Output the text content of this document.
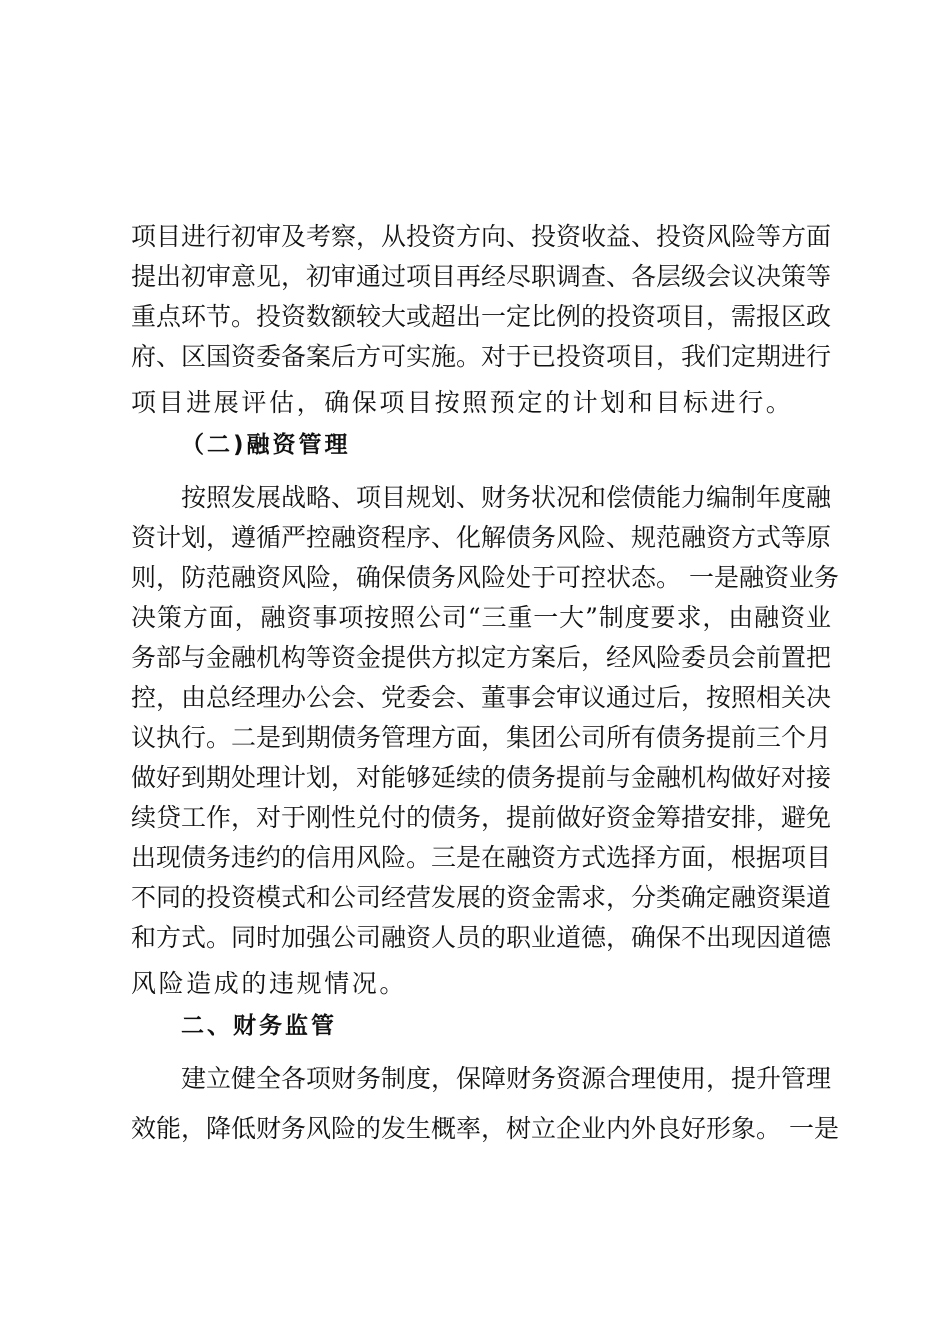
项目进行初审及考察，从投资方向、投资收益、投资风险等方面
提出初审意见，初审通过项目再经尽职调查、各层级会议决策等
重点环节。投资数额较大或超出一定比例的投资项目，需报区政
府、区国资委备案后方可实施。对于已投资项目，我们定期进行
项目进展评估，确保项目按照预定的计划和目标进行。
（二)融资管理
按照发展战略、项目规划、财务状况和偿债能力编制年度融
资计划，遵循严控融资程序、化解债务风险、规范融资方式等原
则，防范融资风险，确保债务风险处于可控状态。 一是融资业务
决策方面，融资事项按照公司“三重一大”制度要求，由融资业
务部与金融机构等资金提供方拟定方案后，经风险委员会前置把
控，由总经理办公会、党委会、董事会审议通过后，按照相关决
议执行。二是到期债务管理方面，集团公司所有债务提前三个月
做好到期处理计划，对能够延续的债务提前与金融机构做好对接
续贷工作，对于刚性兑付的债务，提前做好资金筹措安排，避免
出现债务违约的信用风险。三是在融资方式选择方面，根据项目
不同的投资模式和公司经营发展的资金需求，分类确定融资渠道
和方式。同时加强公司融资人员的职业道德，确保不出现因道德
风险造成的违规情况。
二、财务监管
建立健全各项财务制度，保障财务资源合理使用，提升管理
效能，降低财务风险的发生概率，树立企业内外良好形象。 一是
